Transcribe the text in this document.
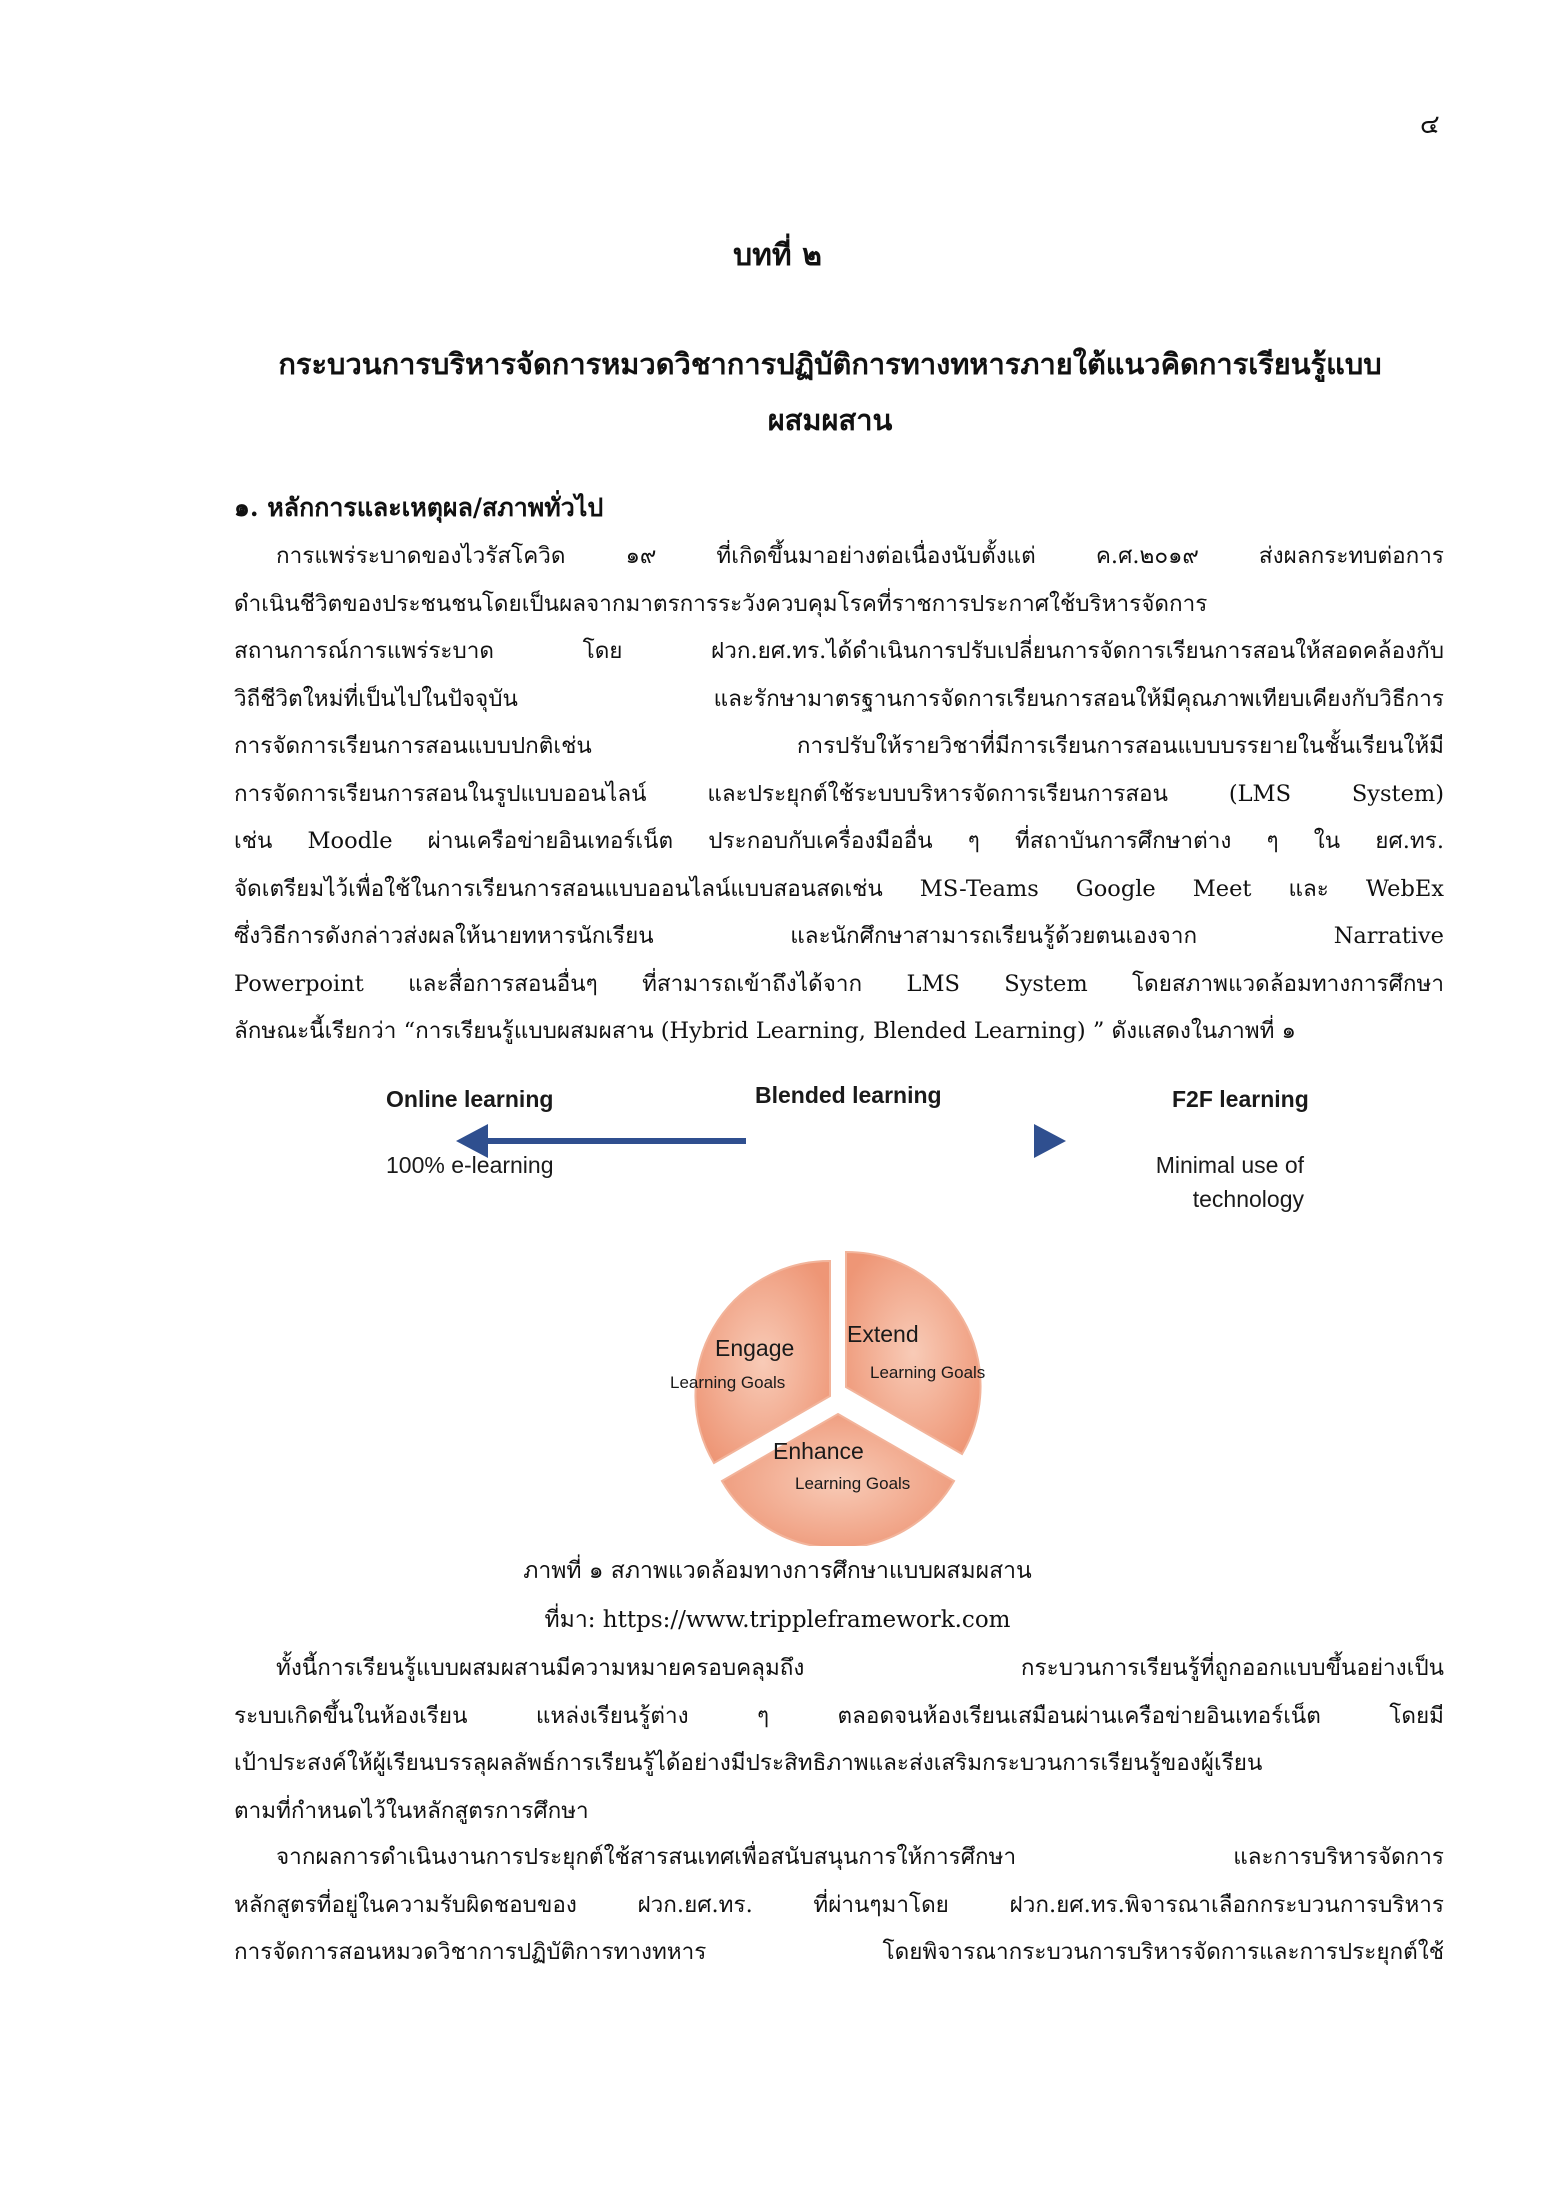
๔
บทที่ ๒
กระบวนการบริหารจัดการหมวดวิชาการปฏิบัติการทางทหารภายใต้แนวคิดการเรียนรู้แบบ
ผสมผสาน
๑. หลักการและเหตุผล/สภาพทั่วไป
การแพร่ระบาดของไวรัสโควิด ๑๙ ที่เกิดขึ้นมาอย่างต่อเนื่องนับตั้งแต่ ค.ศ.๒๐๑๙ ส่งผลกระทบต่อการ
ดำเนินชีวิตของประชนชนโดยเป็นผลจากมาตรการระวังควบคุมโรคที่ราชการประกาศใช้บริหารจัดการ
สถานการณ์การแพร่ระบาด โดย ฝวก.ยศ.ทร.ได้ดำเนินการปรับเปลี่ยนการจัดการเรียนการสอนให้สอดคล้องกับ
วิถีชีวิตใหม่ที่เป็นไปในปัจจุบัน และรักษามาตรฐานการจัดการเรียนการสอนให้มีคุณภาพเทียบเคียงกับวิธีการ
การจัดการเรียนการสอนแบบปกติเช่น การปรับให้รายวิชาที่มีการเรียนการสอนแบบบรรยายในชั้นเรียนให้มี
การจัดการเรียนการสอนในรูปแบบออนไลน์ และประยุกต์ใช้ระบบบริหารจัดการเรียนการสอน (LMS System)
เช่น Moodle ผ่านเครือข่ายอินเทอร์เน็ต ประกอบกับเครื่องมืออื่น ๆ ที่สถาบันการศึกษาต่าง ๆ ใน ยศ.ทร.
จัดเตรียมไว้เพื่อใช้ในการเรียนการสอนแบบออนไลน์แบบสอนสดเช่น MS-Teams Google Meet และ WebEx
ซึ่งวิธีการดังกล่าวส่งผลให้นายทหารนักเรียน และนักศึกษาสามารถเรียนรู้ด้วยตนเองจาก Narrative
Powerpoint และสื่อการสอนอื่นๆ ที่สามารถเข้าถึงได้จาก LMS System โดยสภาพแวดล้อมทางการศึกษา
ลักษณะนี้เรียกว่า “การเรียนรู้แบบผสมผสาน (Hybrid Learning, Blended Learning) ” ดังแสดงในภาพที่ ๑
Online learning
100% e-learning
Blended learning	F2F learning
Minimal use of
technology
Engage
Learning Goals
Extend
Learning Goals
Enhance
Learning Goals
ภาพที่ ๑ สภาพแวดล้อมทางการศึกษาแบบผสมผสาน
ที่มา: https://www.trippleframework.com
ทั้งนี้การเรียนรู้แบบผสมผสานมีความหมายครอบคลุมถึง กระบวนการเรียนรู้ที่ถูกออกแบบขึ้นอย่างเป็น
ระบบเกิดขึ้นในห้องเรียน แหล่งเรียนรู้ต่าง ๆ ตลอดจนห้องเรียนเสมือนผ่านเครือข่ายอินเทอร์เน็ต โดยมี
เป้าประสงค์ให้ผู้เรียนบรรลุผลลัพธ์การเรียนรู้ได้อย่างมีประสิทธิภาพและส่งเสริมกระบวนการเรียนรู้ของผู้เรียน
ตามที่กำหนดไว้ในหลักสูตรการศึกษา
จากผลการดำเนินงานการประยุกต์ใช้สารสนเทศเพื่อสนับสนุนการให้การศึกษา และการบริหารจัดการ
หลักสูตรที่อยู่ในความรับผิดชอบของ ฝวก.ยศ.ทร. ที่ผ่านๆมาโดย ฝวก.ยศ.ทร.พิจารณาเลือกกระบวนการบริหาร
การจัดการสอนหมวดวิชาการปฏิบัติการทางทหาร โดยพิจารณากระบวนการบริหารจัดการและการประยุกต์ใช้
